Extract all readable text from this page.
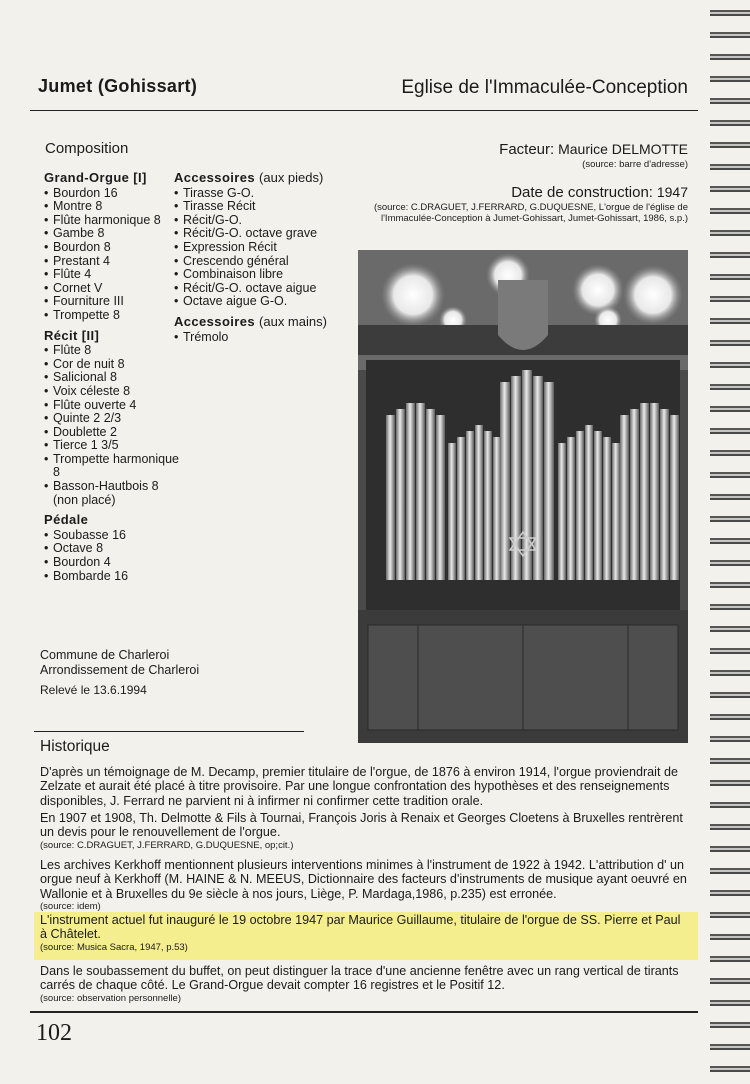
Jumet (Gohissart)	Eglise de l'Immaculée-Conception
Composition
Grand-Orgue [I]
• Bourdon 16
• Montre 8
• Flûte harmonique 8
• Gambe 8
• Bourdon 8
• Prestant 4
• Flûte 4
• Cornet V
• Fourniture III
• Trompette 8
Récit [II]
• Flûte 8
• Cor de nuit 8
• Salicional 8
• Voix céleste 8
• Flûte ouverte 4
• Quinte 2 2/3
• Doublette 2
• Tierce 1 3/5
• Trompette harmonique 8
• Basson-Hautbois 8 (non placé)
Pédale
• Soubasse 16
• Octave 8
• Bourdon 4
• Bombarde 16
Accessoires (aux pieds)
• Tirasse G-O.
• Tirasse Récit
• Récit/G-O.
• Récit/G-O. octave grave
• Expression Récit
• Crescendo général
• Combinaison libre
• Récit/G-O. octave aigue
• Octave aigue G-O.
Accessoires (aux mains)
• Trémolo
Facteur: Maurice DELMOTTE
(source: barre d'adresse)
Date de construction: 1947
(source: C.DRAGUET, J.FERRARD, G.DUQUESNE, L'orgue de l'église de l'Immaculée-Conception à Jumet-Gohissart, Jumet-Gohissart, 1986, s.p.)
Commune de Charleroi
Arrondissement de Charleroi
Relevé le 13.6.1994
Historique
D'après un témoignage de M. Decamp, premier titulaire de l'orgue, de 1876 à environ 1914, l'orgue proviendrait de Zelzate et aurait été placé à titre provisoire. Par une longue confrontation des hypothèses et des renseignements disponibles, J. Ferrard ne parvient ni à infirmer ni confirmer cette tradition orale.
En 1907 et 1908, Th. Delmotte & Fils à Tournai, François Joris à Renaix et Georges Cloetens à Bruxelles rentrèrent un devis pour le renouvellement de l'orgue.
(source: C.DRAGUET, J.FERRARD, G.DUQUESNE, op;cit.)
Les archives Kerkhoff mentionnent plusieurs interventions minimes à l'instrument de 1922 à 1942. L'attribution d' un orgue neuf à Kerkhoff (M. HAINE & N. MEEUS, Dictionnaire des facteurs d'instruments de musique ayant oeuvré en Wallonie et à Bruxelles du 9e siècle à nos jours, Liège, P. Mardaga,1986, p.235) est erronée.
(source: idem)
L'instrument actuel fut inauguré le 19 octobre 1947 par Maurice Guillaume, titulaire de l'orgue de SS. Pierre et Paul à Châtelet.
(source: Musica Sacra, 1947, p.53)
Dans le soubassement du buffet, on peut distinguer la trace d'une ancienne fenêtre avec un rang vertical de tirants carrés de chaque côté. Le Grand-Orgue devait compter 16 registres et le Positif 12.
(source: observation personnelle)
102
